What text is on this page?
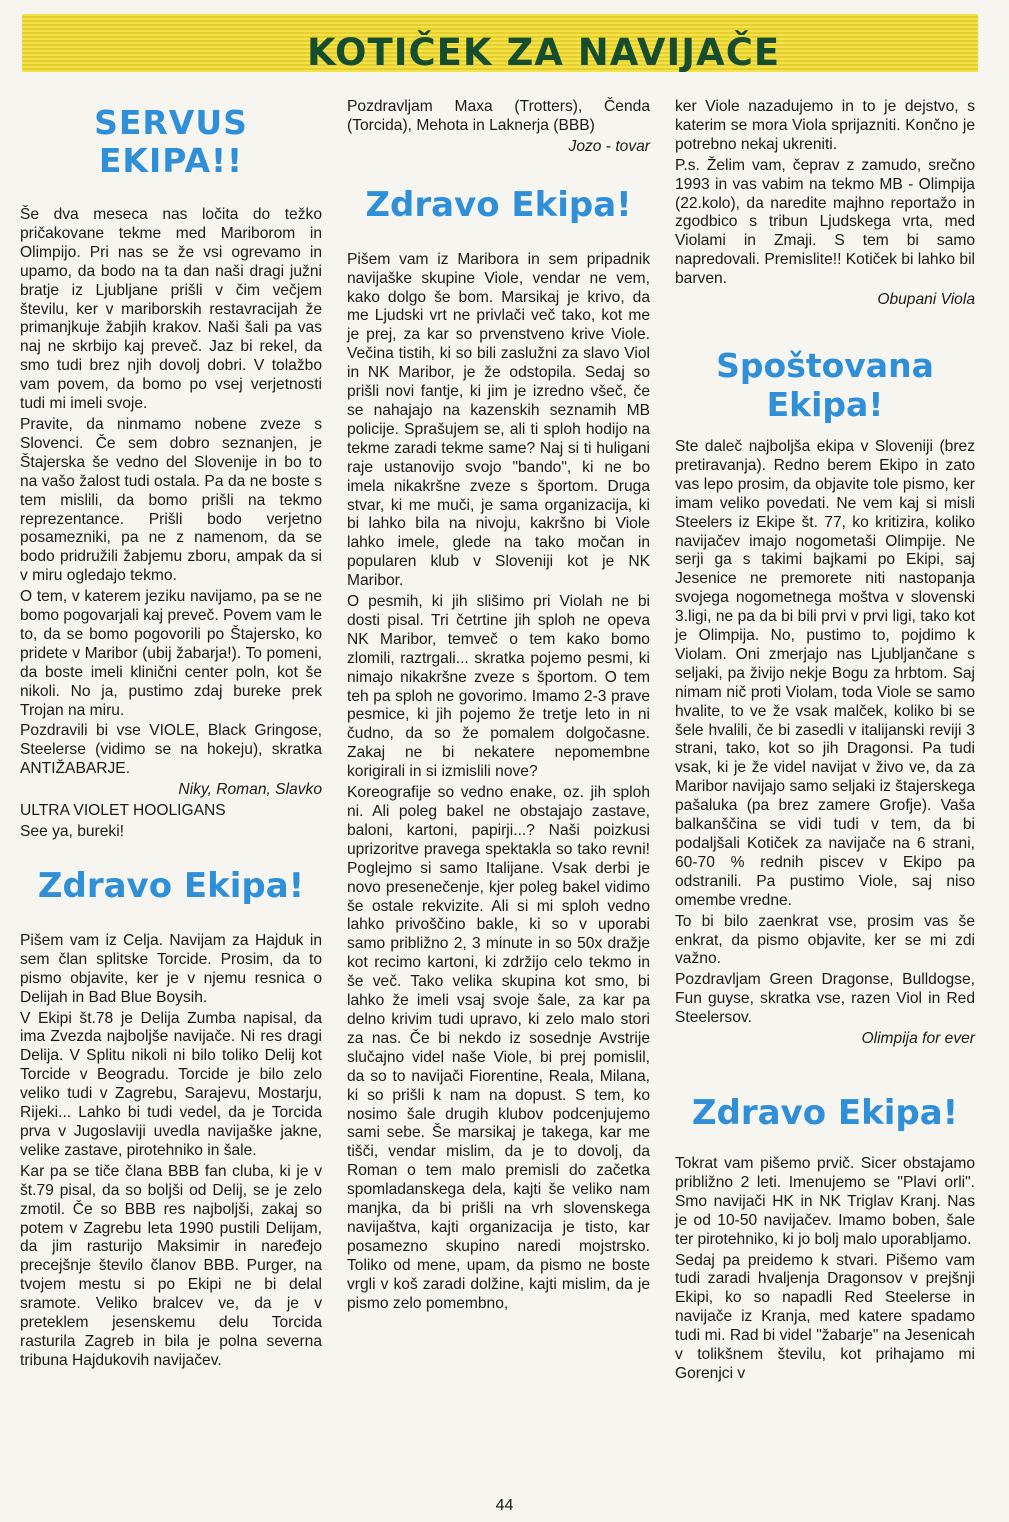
KOTIČEK ZA NAVIJAČE
SERVUS
EKIPA!!

Še dva meseca nas ločita do težko pričakovane tekme med Mariborom in Olimpijo. Pri nas se že vsi ogrevamo in upamo, da bodo na ta dan naši dragi južni bratje iz Ljubljane prišli v čim večjem številu, ker v mariborskih restavracijah že primanjkuje žabjih krakov. Naši šali pa vas naj ne skrbijo kaj preveč. Jaz bi rekel, da smo tudi brez njih dovolj dobri. V tolažbo vam povem, da bomo po vsej verjetnosti tudi mi imeli svoje.

Pravite, da ninmamo nobene zveze s Slovenci. Če sem dobro seznanjen, je Štajerska še vedno del Slovenije in bo to na vašo žalost tudi ostala. Pa da ne boste s tem mislili, da bomo prišli na tekmo reprezentance. Prišli bodo verjetno posamezniki, pa ne z namenom, da se bodo pridružili žabjemu zboru, ampak da si v miru ogledajo tekmo.

O tem, v katerem jeziku navijamo, pa se ne bomo pogovarjali kaj preveč. Povem vam le to, da se bomo pogovorili po Štajersko, ko pridete v Maribor (ubij žabarja!). To pomeni, da boste imeli klinični center poln, kot še nikoli. No ja, pustimo zdaj bureke prek Trojan na miru.

Pozdravili bi vse VIOLE, Black Gringose, Steelerse (vidimo se na hokeju), skratka ANTIŽABARJE.

Niky, Roman, Slavko

ULTRA VIOLET HOOLIGANS

See ya, bureki!

Zdravo Ekipa!

Pišem vam iz Celja. Navijam za Hajduk in sem član splitske Torcide. Prosim, da to pismo objavite, ker je v njemu resnica o Delijah in Bad Blue Boysih.

V Ekipi št.78 je Delija Zumba napisal, da ima Zvezda najboljše navijače. Ni res dragi Delija. V Splitu nikoli ni bilo toliko Delij kot Torcide v Beogradu. Torcide je bilo zelo veliko tudi v Zagrebu, Sarajevu, Mostarju, Rijeki... Lahko bi tudi vedel, da je Torcida prva v Jugoslaviji uvedla navijaške jakne, velike zastave, pirotehniko in šale.

Kar pa se tiče člana BBB fan cluba, ki je v št.79 pisal, da so boljši od Delij, se je zelo zmotil. Če so BBB res najboljši, zakaj so potem v Zagrebu leta 1990 pustili Delijam, da jim rasturijo Maksimir in naređejo precejšnje število članov BBB. Purger, na tvojem mestu si po Ekipi ne bi delal sramote. Veliko bralcev ve, da je v preteklem jesenskemu delu Torcida rasturila Zagreb in bila je polna severna tribuna Hajdukovih navijačev.

Pozdravljam Maxa (Trotters), Čenda (Torcida), Mehota in Laknerja (BBB)

Jozo - tovar

Zdravo Ekipa!

Pišem vam iz Maribora in sem pripadnik navijaške skupine Viole, vendar ne vem, kako dolgo še bom. Marsikaj je krivo, da me Ljudski vrt ne privlači več tako, kot me je prej, za kar so prvenstveno krive Viole. Večina tistih, ki so bili zaslužni za slavo Viol in NK Maribor, je že odstopila. Sedaj so prišli novi fantje, ki jim je izredno všeč, če se nahajajo na kazenskih seznamih MB policije. Sprašujem se, ali ti sploh hodijo na tekme zaradi tekme same? Naj si ti huligani raje ustanovijo svojo "bando", ki ne bo imela nikakršne zveze s športom. Druga stvar, ki me muči, je sama organizacija, ki bi lahko bila na nivoju, kakršno bi Viole lahko imele, glede na tako močan in popularen klub v Sloveniji kot je NK Maribor.

O pesmih, ki jih slišimo pri Violah ne bi dosti pisal. Tri četrtine jih sploh ne opeva NK Maribor, temveč o tem kako bomo zlomili, raztrgali... skratka pojemo pesmi, ki nimajo nikakršne zveze s športom. O tem teh pa sploh ne govorimo. Imamo 2-3 prave pesmice, ki jih pojemo že tretje leto in ni čudno, da so že pomalem dolgočasne. Zakaj ne bi nekatere nepomembne korigirali in si izmislili nove?

Koreografije so vedno enake, oz. jih sploh ni. Ali poleg bakel ne obstajajo zastave, baloni, kartoni, papirji...? Naši poizkusi uprizoritve pravega spektakla so tako revni! Poglejmo si samo Italijane. Vsak derbi je novo presenečenje, kjer poleg bakel vidimo še ostale rekvizite. Ali si mi sploh vedno lahko privoščino bakle, ki so v uporabi samo približno 2, 3 minute in so 50x dražje kot recimo kartoni, ki zdržijo celo tekmo in še več. Tako velika skupina kot smo, bi lahko že imeli vsaj svoje šale, za kar pa delno krivim tudi upravo, ki zelo malo stori za nas. Če bi nekdo iz sosednje Avstrije slučajno videl naše Viole, bi prej pomislil, da so to navijači Fiorentine, Reala, Milana, ki so prišli k nam na dopust. S tem, ko nosimo šale drugih klubov podcenjujemo sami sebe. Še marsikaj je takega, kar me tišči, vendar mislim, da je to dovolj, da Roman o tem malo premisli do začetka spomladanskega dela, kajti še veliko nam manjka, da bi prišli na vrh slovenskega navijaštva, kajti organizacija je tisto, kar posamezno skupino naredi mojstrsko. Toliko od mene, upam, da pismo ne boste vrgli v koš zaradi dolžine, kajti mislim, da je pismo zelo pomembno,

ker Viole nazadujemo in to je dejstvo, s katerim se mora Viola sprijazniti. Končno je potrebno nekaj ukreniti.

P.s. Želim vam, čeprav z zamudo, srečno 1993 in vas vabim na tekmo MB - Olimpija (22.kolo), da naredite majhno reportažo in zgodbico s tribun Ljudskega vrta, med Violami in Zmaji. S tem bi samo napredovali. Premislite!! Kotiček bi lahko bil barven.

Obupani Viola

Spoštovana
Ekipa!

Ste daleč najboljša ekipa v Sloveniji (brez pretiravanja). Redno berem Ekipo in zato vas lepo prosim, da objavite tole pismo, ker imam veliko povedati. Ne vem kaj si misli Steelers iz Ekipe št. 77, ko kritizira, koliko navijačev imajo nogometaši Olimpije. Ne serji ga s takimi bajkami po Ekipi, saj Jesenice ne premorete niti nastopanja svojega nogometnega moštva v slovenski 3.ligi, ne pa da bi bili prvi v prvi ligi, tako kot je Olimpija. No, pustimo to, pojdimo k Violam. Oni zmerjajo nas Ljubljančane s seljaki, pa živijo nekje Bogu za hrbtom. Saj nimam nič proti Violam, toda Viole se samo hvalite, to ve že vsak malček, koliko bi se šele hvalili, če bi zasedli v italijanski reviji 3 strani, tako, kot so jih Dragonsi. Pa tudi vsak, ki je že videl navijat v živo ve, da za Maribor navijajo samo seljaki iz štajerskega pašaluka (pa brez zamere Grofje). Vaša balkanščina se vidi tudi v tem, da bi podaljšali Kotiček za navijače na 6 strani, 60-70 % rednih piscev v Ekipo pa odstranili. Pa pustimo Viole, saj niso omembe vredne.

To bi bilo zaenkrat vse, prosim vas še enkrat, da pismo objavite, ker se mi zdi važno.

Pozdravljam Green Dragonse, Bulldogse, Fun guyse, skratka vse, razen Viol in Red Steelersov.

Olimpija for ever

Zdravo Ekipa!

Tokrat vam pišemo prvič. Sicer obstajamo približno 2 leti. Imenujemo se "Plavi orli". Smo navijači HK in NK Triglav Kranj. Nas je od 10-50 navijačev. Imamo boben, šale ter pirotehniko, ki jo bolj malo uporabljamo.

Sedaj pa preidemo k stvari. Pišemo vam tudi zaradi hvaljenja Dragonsov v prejšnji Ekipi, ko so napadli Red Steelerse in navijače iz Kranja, med katere spadamo tudi mi. Rad bi videl "žabarje" na Jesenicah v tolikšnem številu, kot prihajamo mi Gorenjci v

44
